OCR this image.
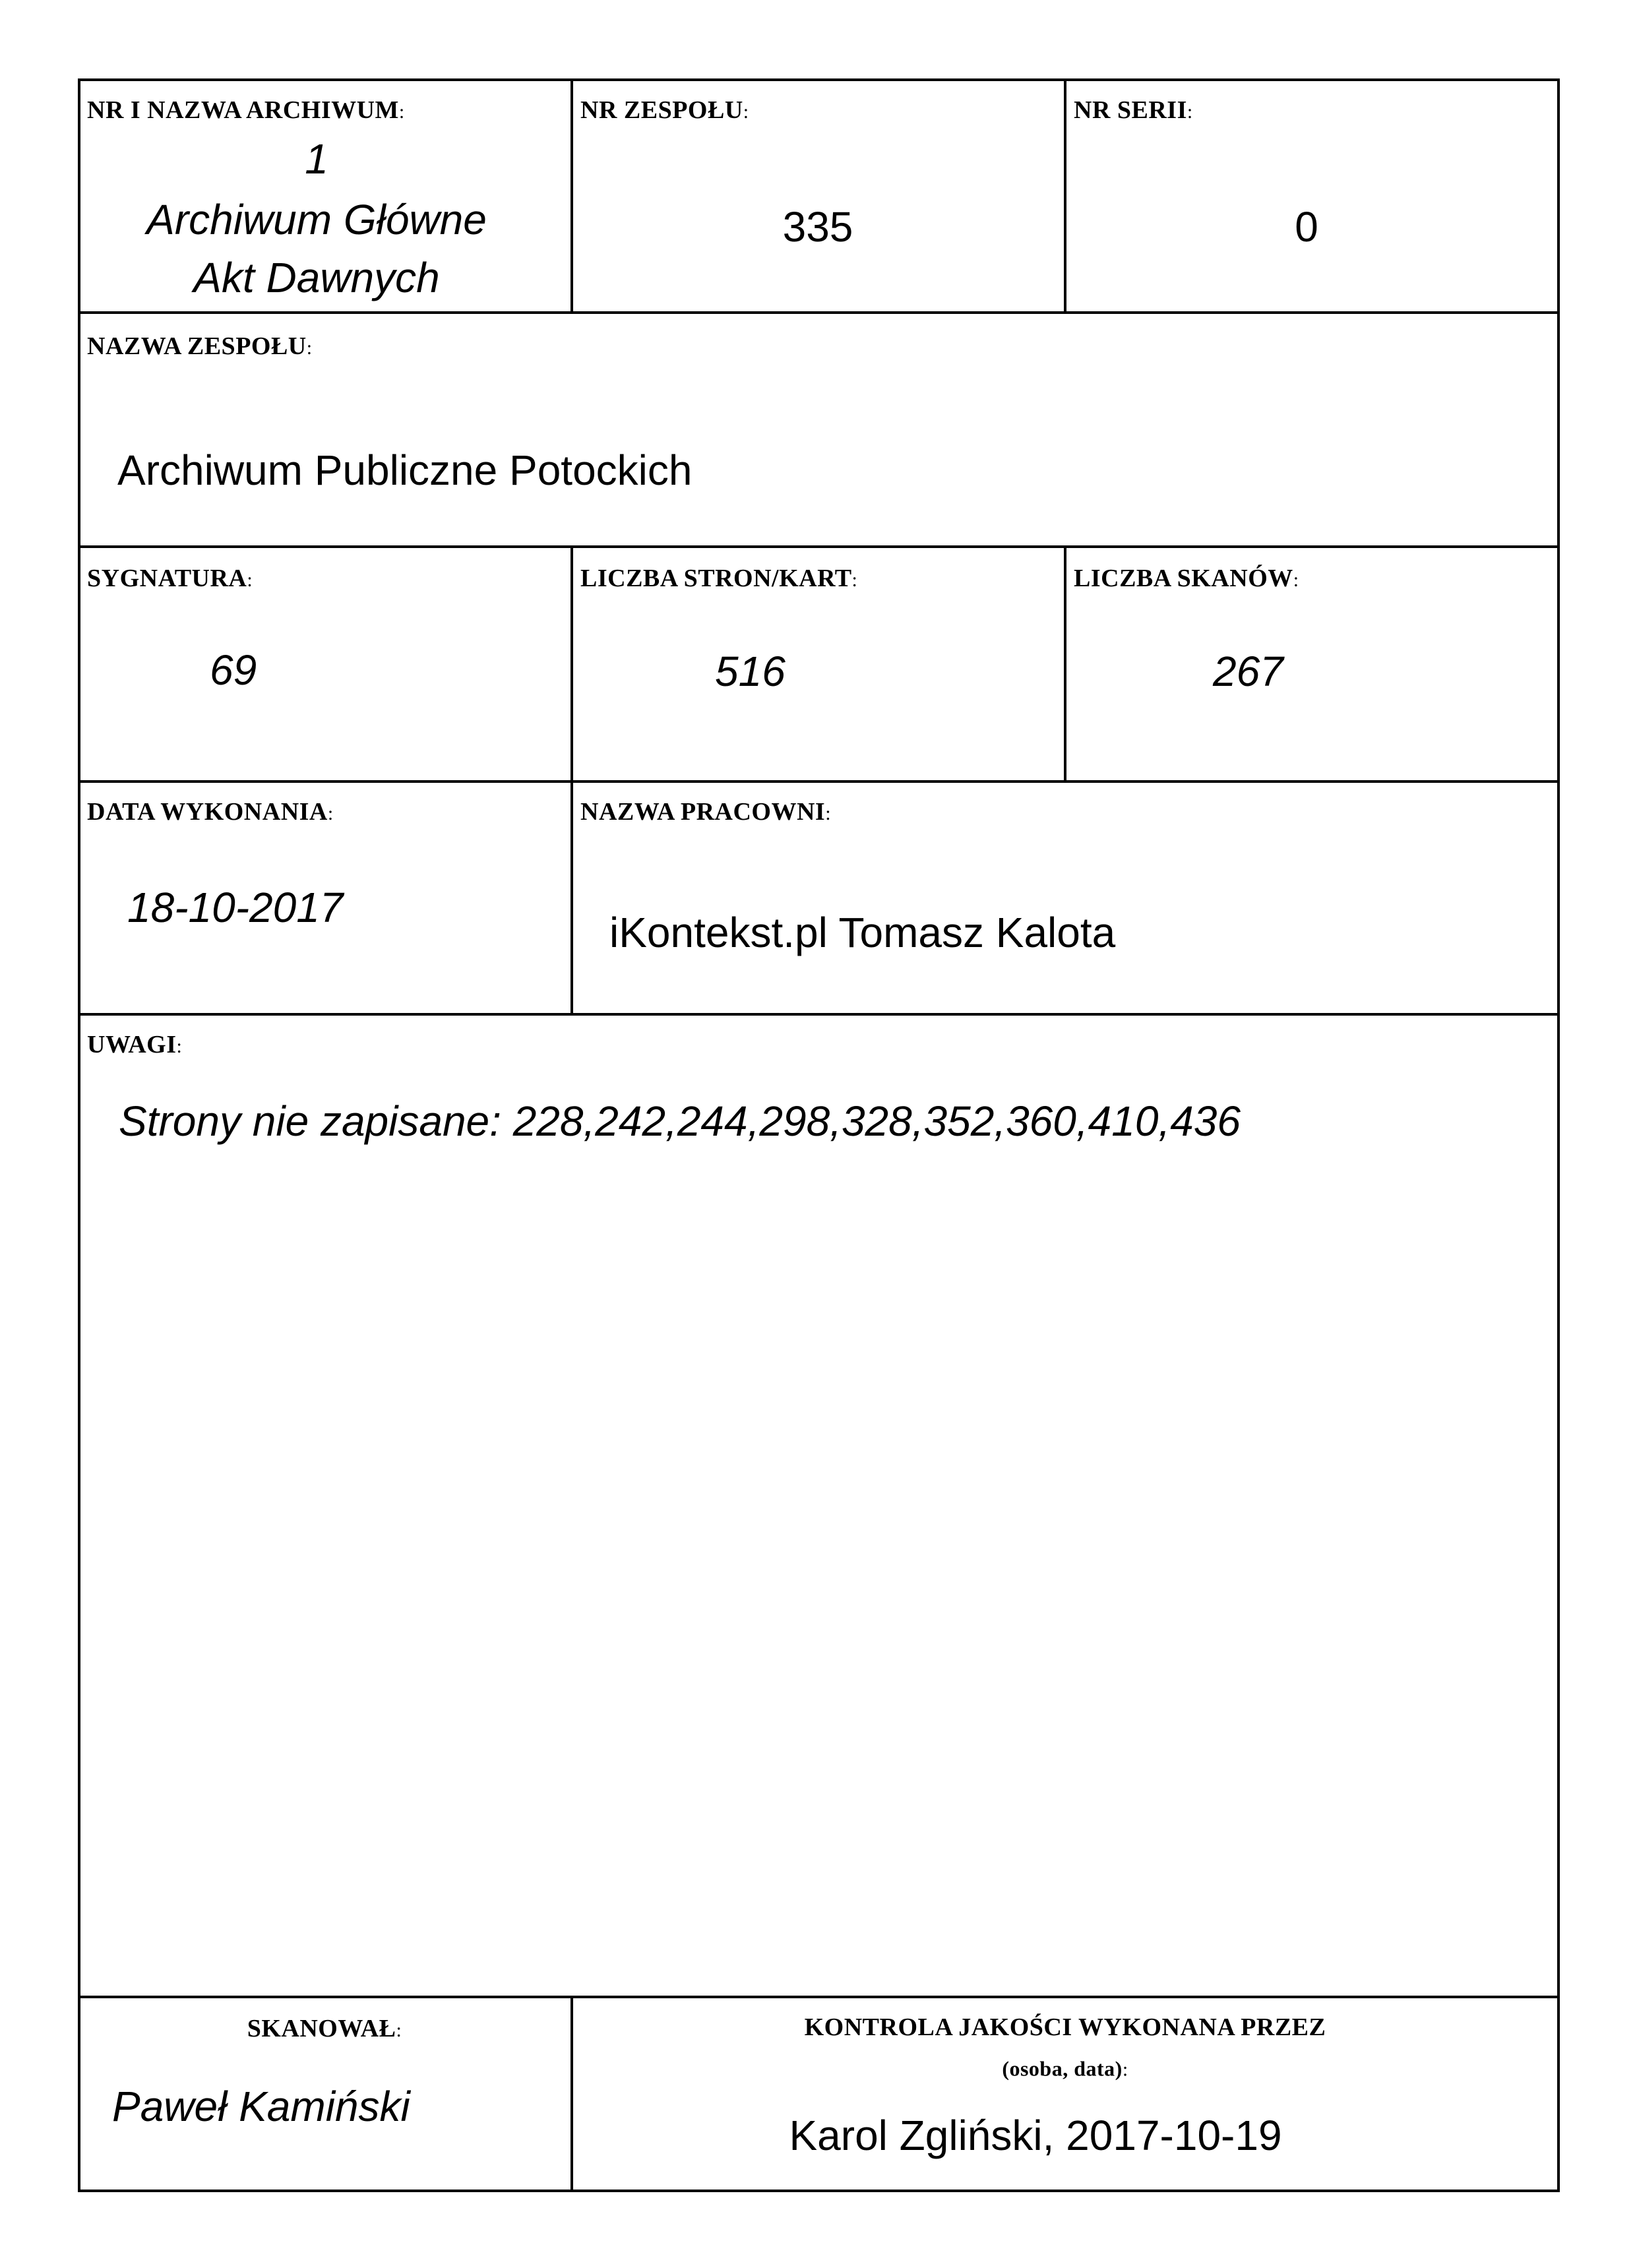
NR I NAZWA ARCHIWUM:
1
Archiwum Główne
Akt Dawnych
NR ZESPOŁU:
335
NR SERII:
0
NAZWA ZESPOŁU:
Archiwum Publiczne Potockich
SYGNATURA:
69
LICZBA STRON/KART:
516
LICZBA SKANÓW:
267
DATA WYKONANIA:
18-10-2017
NAZWA PRACOWNI:
iKontekst.pl Tomasz Kalota
UWAGI:
Strony nie zapisane: 228,242,244,298,328,352,360,410,436
SKANOWAŁ:
Paweł Kamiński
KONTROLA JAKOŚCI WYKONANA PRZEZ
(osoba, data):
Karol Zgliński, 2017-10-19
